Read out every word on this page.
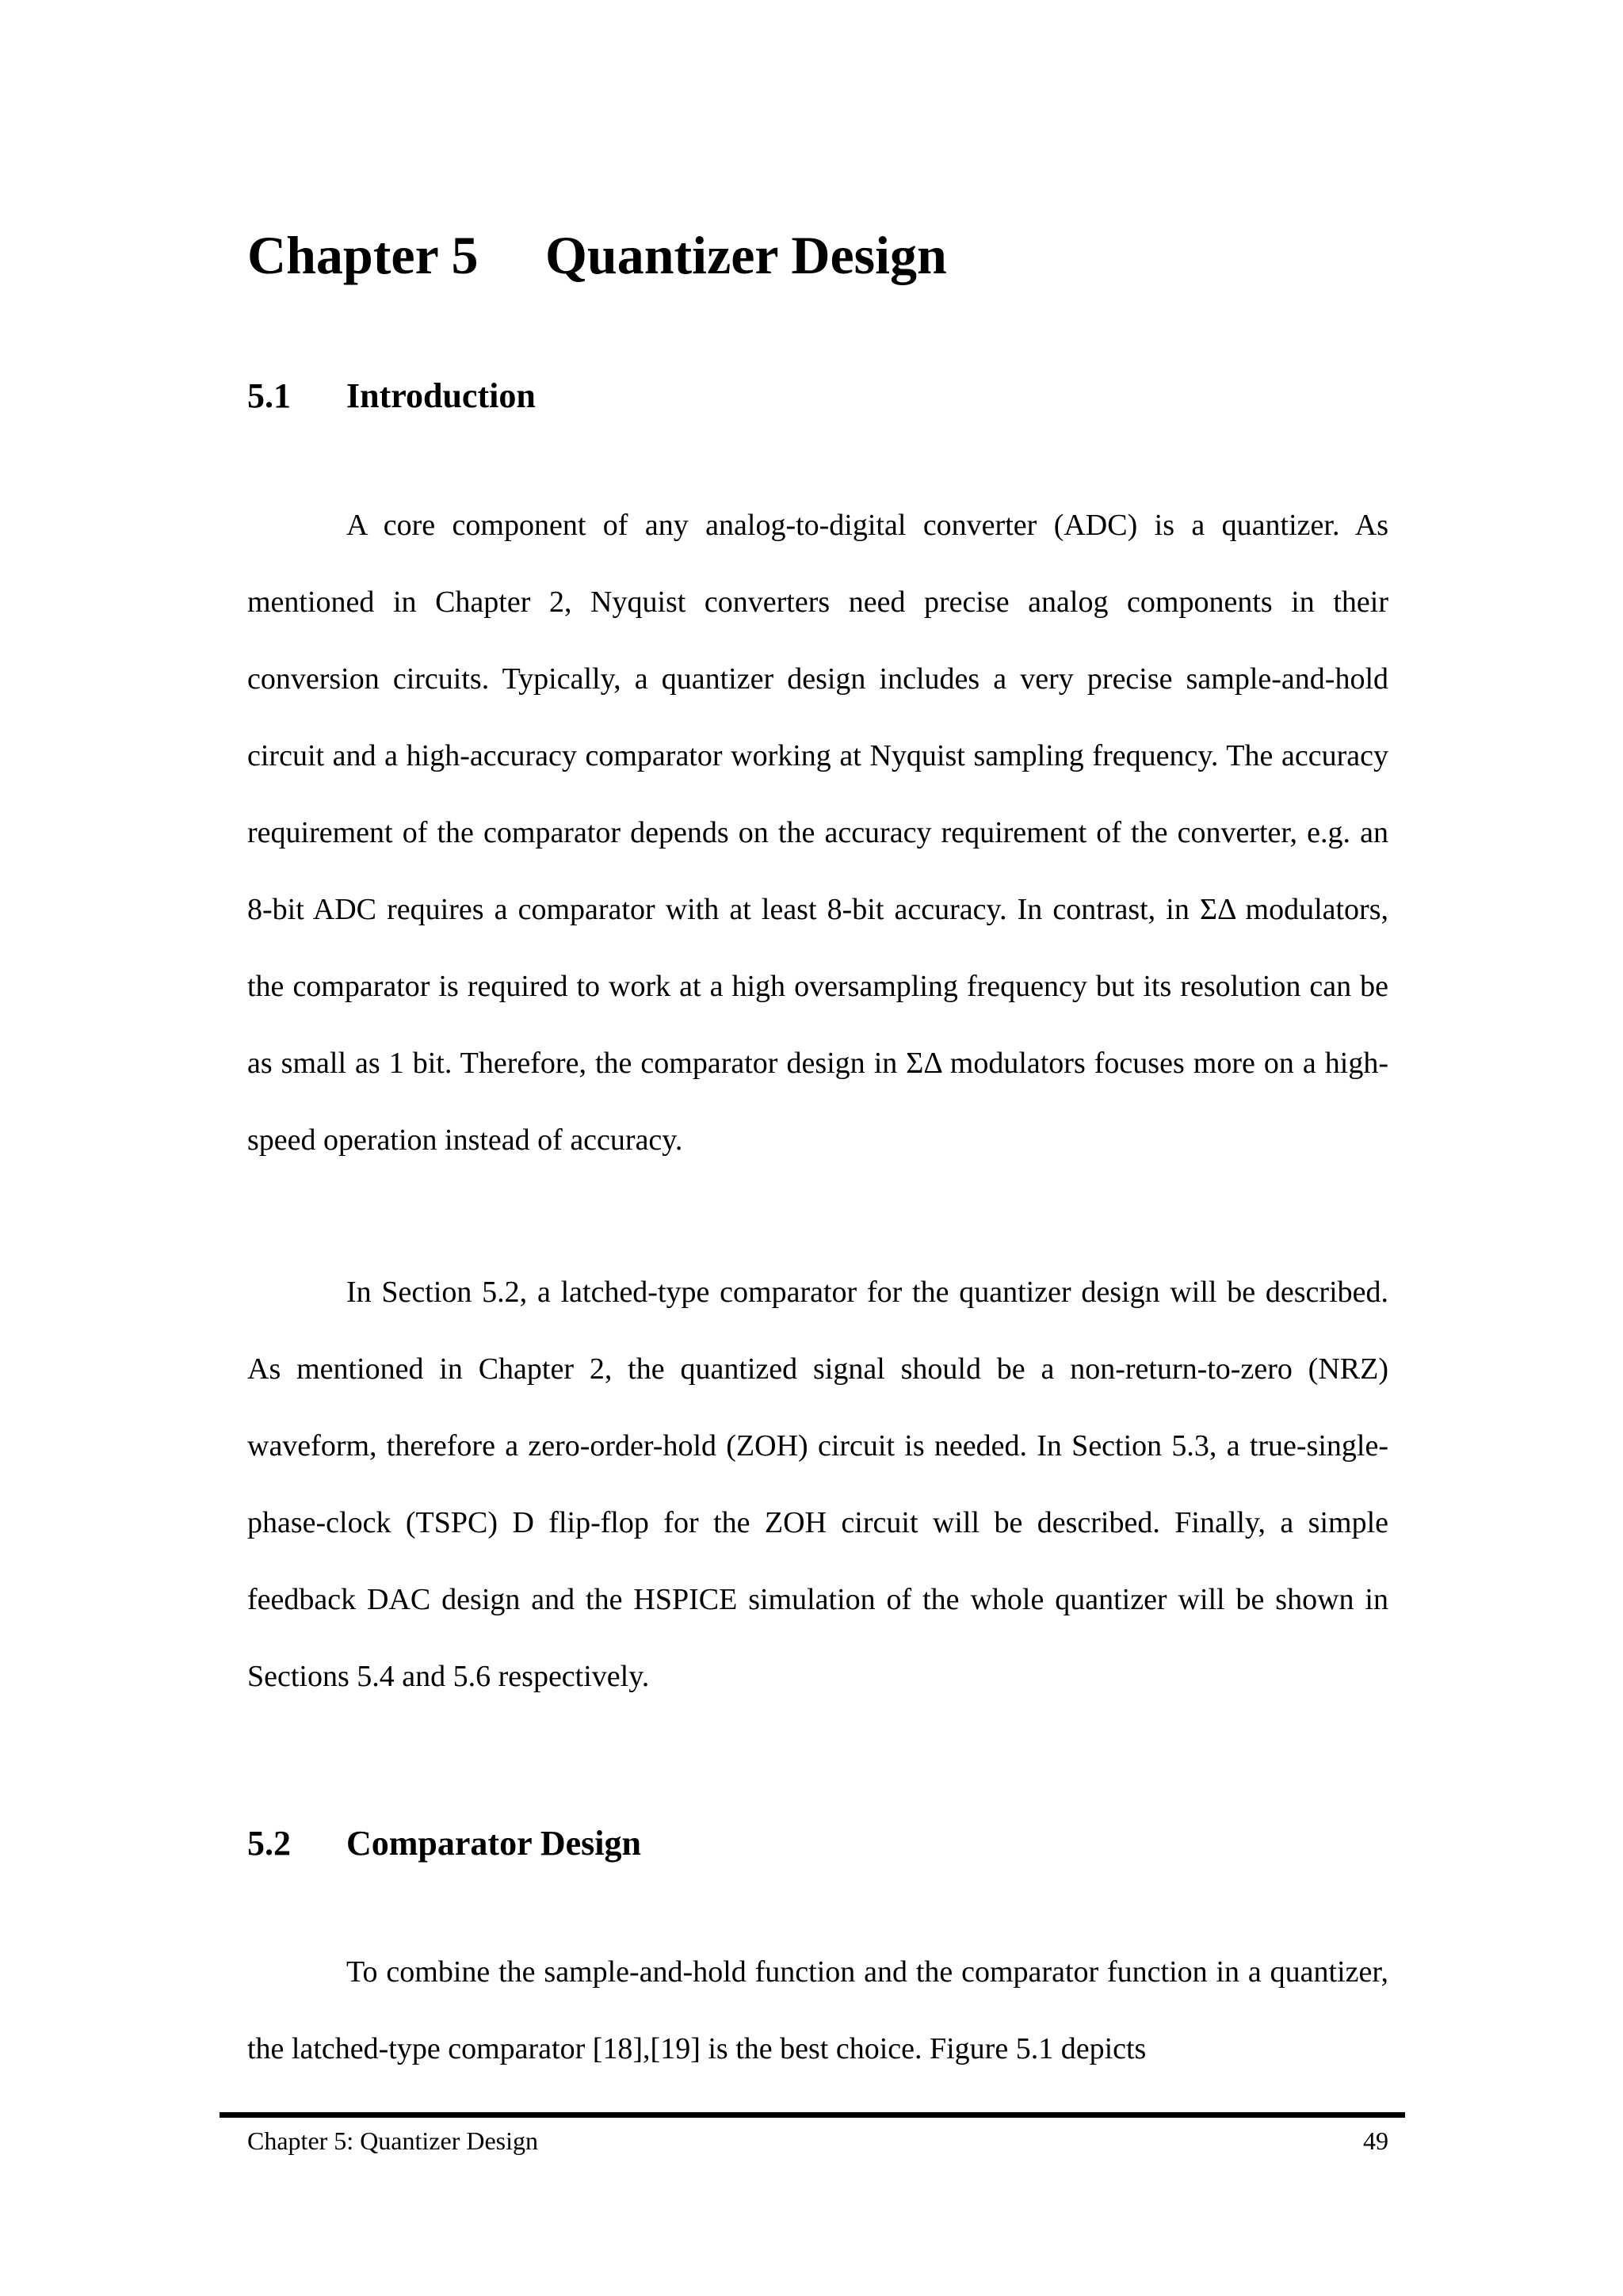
Chapter 5 Quantizer Design
5.1 Introduction

A core component of any analog-to-digital converter (ADC) is a quantizer. As mentioned in Chapter 2, Nyquist converters need precise analog components in their conversion circuits. Typically, a quantizer design includes a very precise sample-and-hold circuit and a high-accuracy comparator working at Nyquist sampling frequency. The accuracy requirement of the comparator depends on the accuracy requirement of the converter, e.g. an 8-bit ADC requires a comparator with at least 8-bit accuracy. In contrast, in ΣΔ modulators, the comparator is required to work at a high oversampling frequency but its resolution can be as small as 1 bit. Therefore, the comparator design in ΣΔ modulators focuses more on a high-speed operation instead of accuracy.

In Section 5.2, a latched-type comparator for the quantizer design will be described. As mentioned in Chapter 2, the quantized signal should be a non-return-to-zero (NRZ) waveform, therefore a zero-order-hold (ZOH) circuit is needed. In Section 5.3, a true-single-phase-clock (TSPC) D flip-flop for the ZOH circuit will be described. Finally, a simple feedback DAC design and the HSPICE simulation of the whole quantizer will be shown in Sections 5.4 and 5.6 respectively.

5.2 Comparator Design

To combine the sample-and-hold function and the comparator function in a quantizer, the latched-type comparator [18],[19] is the best choice. Figure 5.1 depicts

Chapter 5: Quantizer Design	49
